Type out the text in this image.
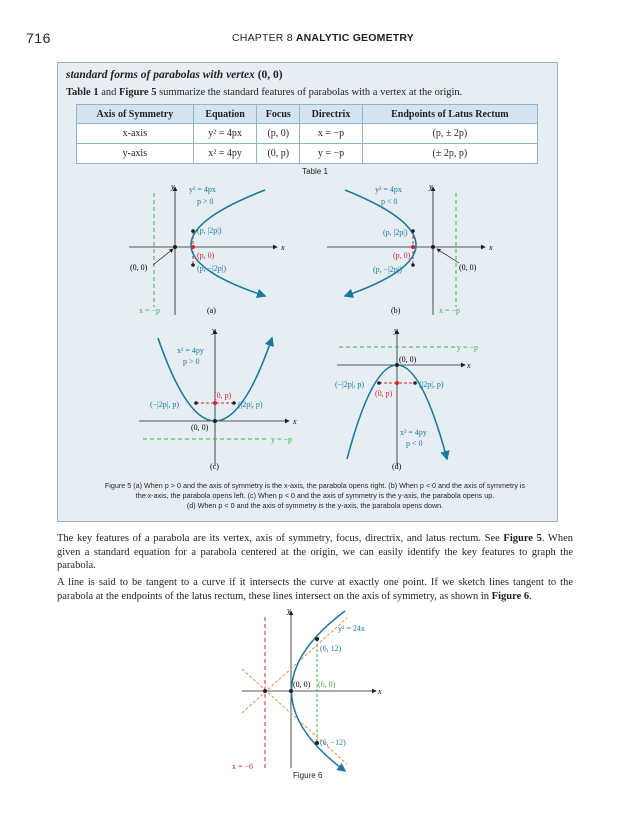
716	CHAPTER 8 ANALYTIC GEOMETRY
standard forms of parabolas with vertex (0, 0)
Table 1 and Figure 5 summarize the standard features of parabolas with a vertex at the origin.
Axis of Symmetry	Equation	Focus	Directrix	Endpoints of Latus Rectum
x-axis	y² = 4px	(p, 0)	x = −p	(p, ± 2p)
y-axis	x² = 4py	(0, p)	y = −p	(± 2p, p)
Table 1
y
x
y² = 4px
p > 0
(p, |2p|)
(p, 0)
(p, −|2p|)
(0, 0)
x = −p	(a)
y
x
y² = 4px
p < 0
(p, |2p|)
(p, 0)
(p, −|2p|)	(0, 0)
x = −p
(b)
y
x
x² = 4py
p > 0
(0, p)
(−|2p|, p)	(|2p|, p)
(0, 0)
y = −p
(c)
y
x
(0, 0)
y = −p
(−|2p|, p)	(|2p|, p)
(0, p)
x² = 4py
p < 0
(d)
Figure 5 (a) When p > 0 and the axis of symmetry is the x-axis, the parabola opens right. (b) When p < 0 and the axis of symmetry is
the x-axis, the parabola opens left. (c) When p < 0 and the axis of symmetry is the y-axis, the parabola opens up.
(d) When p < 0 and the axis of symmetry is the y-axis, the parabola opens down.
The key features of a parabola are its vertex, axis of symmetry, focus, directrix, and latus rectum. See Figure 5. When given a standard equation for a parabola centered at the origin, we can easily identify the key features to graph the parabola.
A line is said to be tangent to a curve if it intersects the curve at exactly one point. If we sketch lines tangent to the parabola at the endpoints of the latus rectum, these lines intersect on the axis of symmetry, as shown in Figure 6.
y
x
y² = 24x
(6, 12)
(0, 0) (6, 0)
(6, −12)
x = −6
Figure 6
